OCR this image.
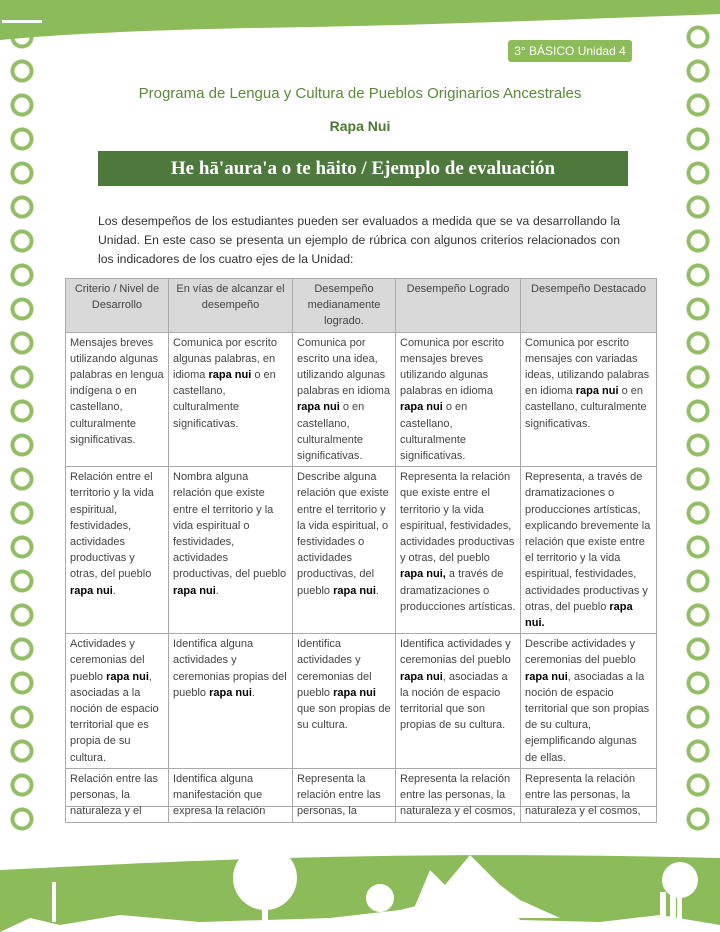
3° BÁSICO Unidad 4
Programa de Lengua y Cultura de Pueblos Originarios Ancestrales
Rapa Nui
He hā'aura'a o te hāito / Ejemplo de evaluación
Los desempeños de los estudiantes pueden ser evaluados a medida que se va desarrollando la Unidad. En este caso se presenta un ejemplo de rúbrica con algunos criterios relacionados con los indicadores de los cuatro ejes de la Unidad:
Criterio / Nivel de Desarrollo	En vías de alcanzar el desempeño	Desempeño medianamente logrado.	Desempeño Logrado	Desempeño Destacado
Mensajes breves utilizando algunas palabras en lengua indígena o en castellano, culturalmente significativas.	Comunica por escrito algunas palabras, en idioma rapa nui o en castellano, culturalmente significativas.	Comunica por escrito una idea, utilizando algunas palabras en idioma rapa nui o en castellano, culturalmente significativas.	Comunica por escrito mensajes breves utilizando algunas palabras en idioma rapa nui o en castellano, culturalmente significativas.	Comunica por escrito mensajes con variadas ideas, utilizando palabras en idioma rapa nui o en castellano, culturalmente significativas.
Relación entre el territorio y la vida espiritual, festividades, actividades productivas y otras, del pueblo rapa nui.	Nombra alguna relación que existe entre el territorio y la vida espiritual o festividades, actividades productivas, del pueblo rapa nui.	Describe alguna relación que existe entre el territorio y la vida espiritual, o festividades o actividades productivas, del pueblo rapa nui.	Representa la relación que existe entre el territorio y la vida espiritual, festividades, actividades productivas y otras, del pueblo rapa nui, a través de dramatizaciones o producciones artísticas.	Representa, a través de dramatizaciones o producciones artísticas, explicando brevemente la relación que existe entre el territorio y la vida espiritual, festividades, actividades productivas y otras, del pueblo rapa nui.
Actividades y ceremonias del pueblo rapa nui, asociadas a la noción de espacio territorial que es propia de su cultura.	Identifica alguna actividades y ceremonias propias del pueblo rapa nui.	Identifica actividades y ceremonias del pueblo rapa nui que son propias de su cultura.	Identifica actividades y ceremonias del pueblo rapa nui, asociadas a la noción de espacio territorial que son propias de su cultura.	Describe actividades y ceremonias del pueblo rapa nui, asociadas a la noción de espacio territorial que son propias de su cultura, ejemplificando algunas de ellas.
Relación entre las personas, la naturaleza y el	Identifica alguna manifestación que expresa la relación	Representa la relación entre las personas, la	Representa la relación entre las personas, la naturaleza y el cosmos,	Representa la relación entre las personas, la naturaleza y el cosmos,
